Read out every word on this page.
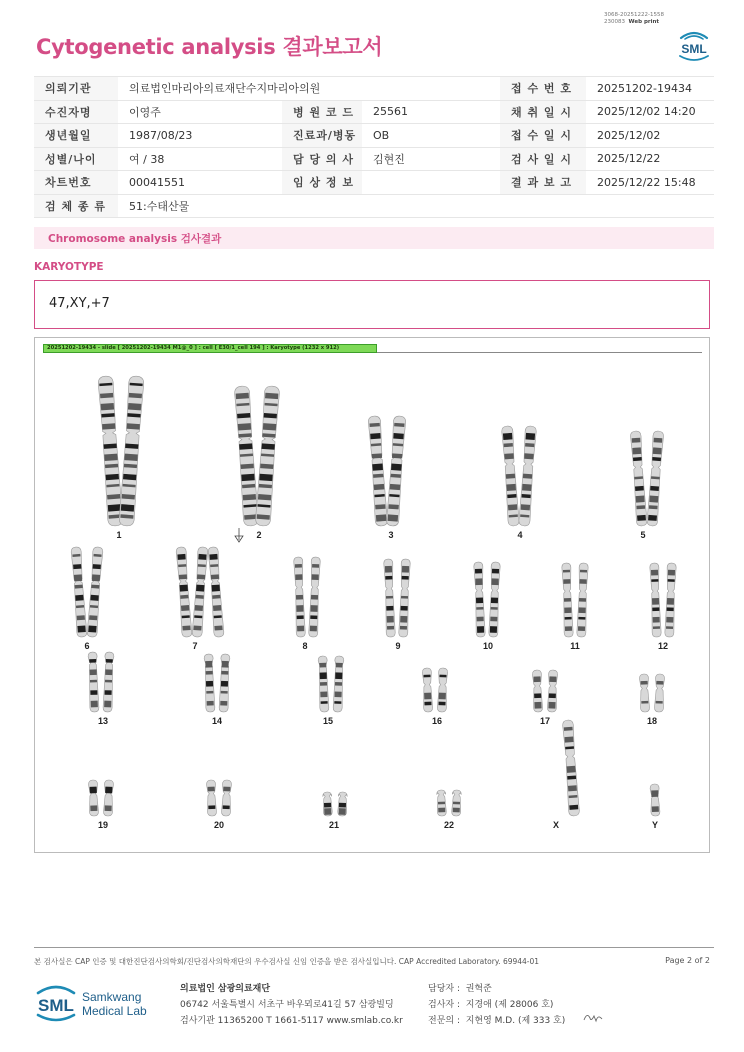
3068-20251222-1558
230083 Web print
Cytogenetic analysis 결과보고서	SML
의뢰기관	의료법인마리아의료재단수지마리아의원			접 수 번 호	20251202-19434
수진자명	이영주	병 원 코 드	25561	채 취 일 시	2025/12/02 14:20
생년월일	1987/08/23	진료과/병동	OB	접 수 일 시	2025/12/02
성별/나이	여 / 38	담 당 의 사	김현진	검 사 일 시	2025/12/22
차트번호	00041551	임 상 정 보		결 과 보 고	2025/12/22 15:48
검 체 종 류	51:수태산물				
Chromosome analysis 검사결과
KARYOTYPE
47,XY,+7
20251202-19434 - slide [ 20251202-19434 M1@_0 ] : cell [ E30/1_cell 194 ] : Karyotype (1232 x 912)
1	2	3	4	5
6	7	8	9	10	11	12
13	14	15	16	17	18
19	20	21	22	X	Y
본 검사실은 CAP 인증 및 대한진단검사의학회/진단검사의학재단의 우수검사실 신임 인증을 받은 검사실입니다. CAP Accredited Laboratory. 69944-01	Page 2 of 2
SML Samkwang
Medical Lab
의료법인 삼광의료재단
06742 서울특별시 서초구 바우뫼로41길 57 삼광빌딩
검사기관 11365200 T 1661-5117 www.smlab.co.kr
담당자 : 권혁준
검사자 : 지경애 (제 28006 호)
전문의 : 지현영 M.D. (제 333 호)
